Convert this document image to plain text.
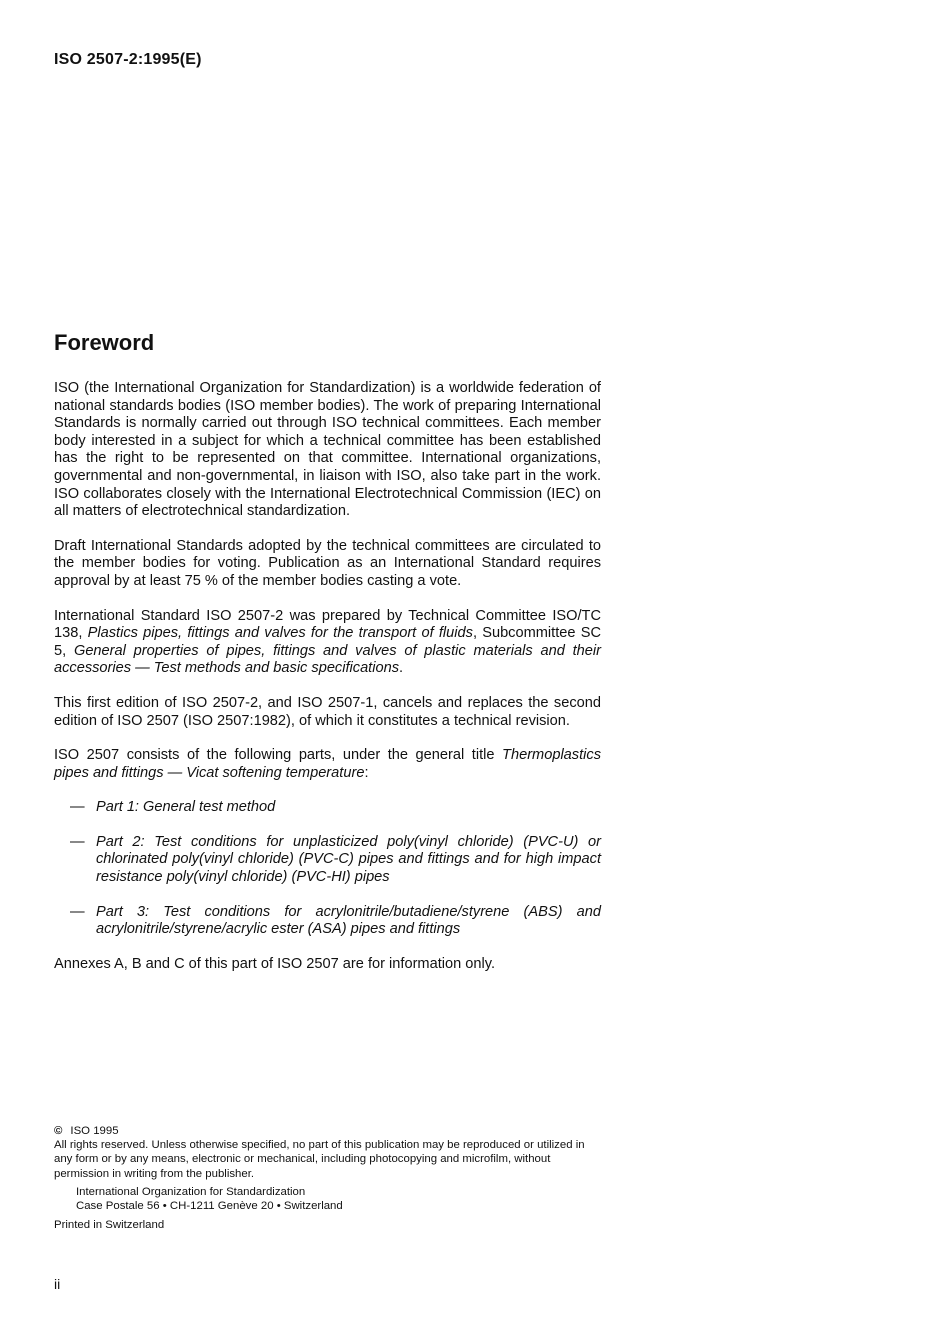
ISO 2507-2:1995(E)

Foreword

ISO (the International Organization for Standardization) is a worldwide federation of national standards bodies (ISO member bodies). The work of preparing International Standards is normally carried out through ISO technical committees. Each member body interested in a subject for which a technical committee has been established has the right to be represented on that committee. International organizations, governmental and non-governmental, in liaison with ISO, also take part in the work. ISO collaborates closely with the International Electrotechnical Commission (IEC) on all matters of electrotechnical standardization.

Draft International Standards adopted by the technical committees are circulated to the member bodies for voting. Publication as an International Standard requires approval by at least 75 % of the member bodies casting a vote.

International Standard ISO 2507-2 was prepared by Technical Committee ISO/TC 138, Plastics pipes, fittings and valves for the transport of fluids, Subcommittee SC 5, General properties of pipes, fittings and valves of plastic materials and their accessories — Test methods and basic specifications.

This first edition of ISO 2507-2, and ISO 2507-1, cancels and replaces the second edition of ISO 2507 (ISO 2507:1982), of which it constitutes a technical revision.

ISO 2507 consists of the following parts, under the general title Thermoplastics pipes and fittings — Vicat softening temperature:

— Part 1: General test method
— Part 2: Test conditions for unplasticized poly(vinyl chloride) (PVC-U) or chlorinated poly(vinyl chloride) (PVC-C) pipes and fittings and for high impact resistance poly(vinyl chloride) (PVC-HI) pipes
— Part 3: Test conditions for acrylonitrile/butadiene/styrene (ABS) and acrylonitrile/styrene/acrylic ester (ASA) pipes and fittings

Annexes A, B and C of this part of ISO 2507 are for information only.

© ISO 1995

All rights reserved. Unless otherwise specified, no part of this publication may be reproduced or utilized in any form or by any means, electronic or mechanical, including photocopying and microfilm, without permission in writing from the publisher.

International Organization for Standardization

Case Postale 56 • CH-1211 Genève 20 • Switzerland

Printed in Switzerland

ii
